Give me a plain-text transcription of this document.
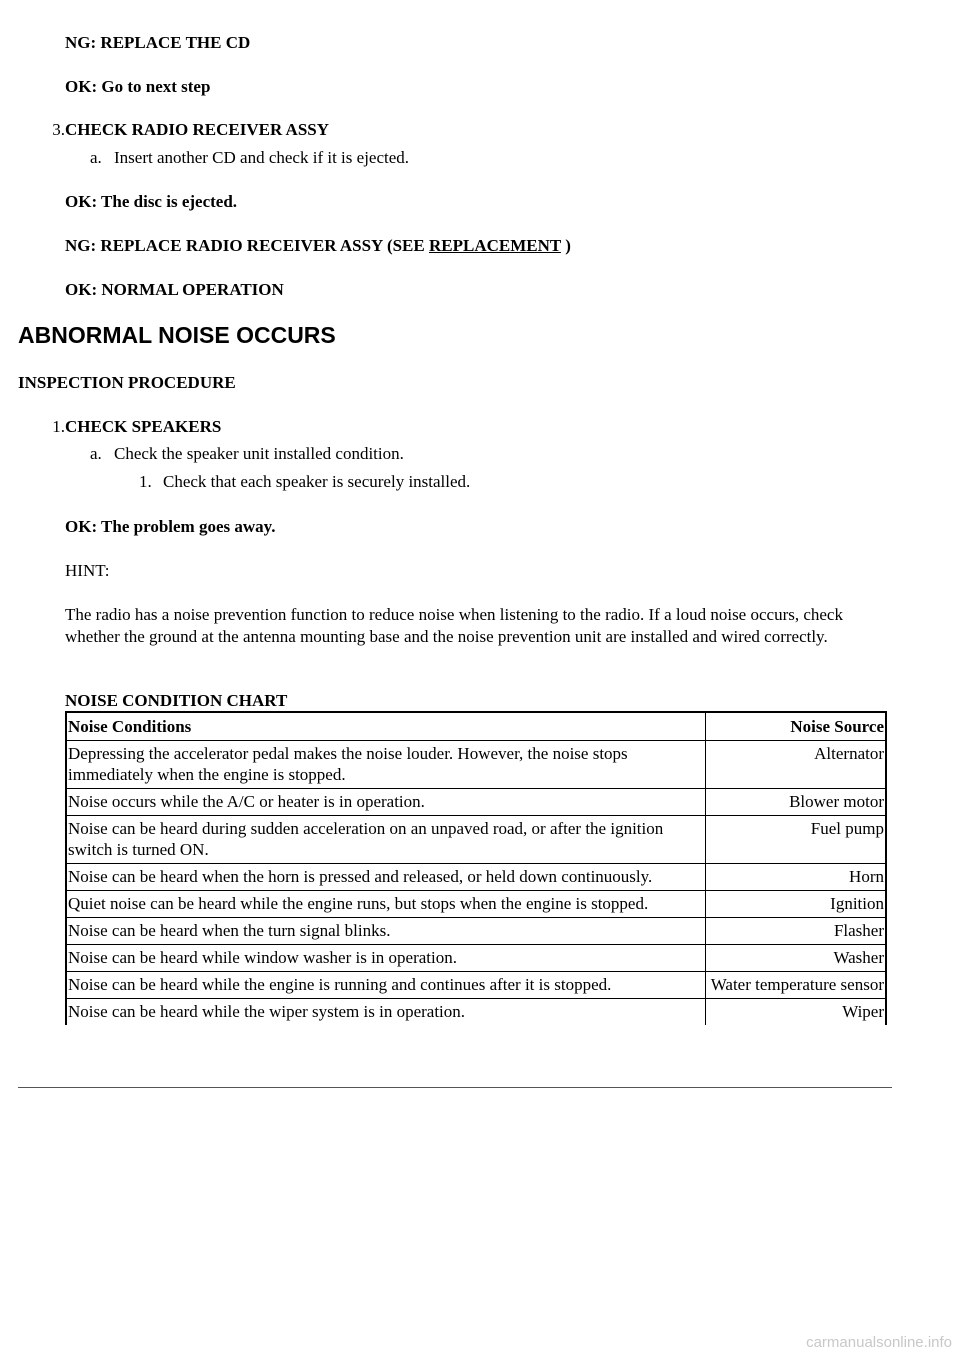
NG: REPLACE THE CD
OK: Go to next step
3.CHECK RADIO RECEIVER ASSY
a. Insert another CD and check if it is ejected.
OK: The disc is ejected.
NG: REPLACE RADIO RECEIVER ASSY (SEE REPLACEMENT )
OK: NORMAL OPERATION
ABNORMAL NOISE OCCURS
INSPECTION PROCEDURE
1.CHECK SPEAKERS
a. Check the speaker unit installed condition.
1. Check that each speaker is securely installed.
OK: The problem goes away.
HINT:
The radio has a noise prevention function to reduce noise when listening to the radio. If a loud noise occurs, check whether the ground at the antenna mounting base and the noise prevention unit are installed and wired correctly.
NOISE CONDITION CHART
Noise Conditions	Noise Source
Depressing the accelerator pedal makes the noise louder. However, the noise stops immediately when the engine is stopped.	Alternator
Noise occurs while the A/C or heater is in operation.	Blower motor
Noise can be heard during sudden acceleration on an unpaved road, or after the ignition switch is turned ON.	Fuel pump
Noise can be heard when the horn is pressed and released, or held down continuously.	Horn
Quiet noise can be heard while the engine runs, but stops when the engine is stopped.	Ignition
Noise can be heard when the turn signal blinks.	Flasher
Noise can be heard while window washer is in operation.	Washer
Noise can be heard while the engine is running and continues after it is stopped.	Water temperature sensor
Noise can be heard while the wiper system is in operation.	Wiper
carmanualsonline.info
